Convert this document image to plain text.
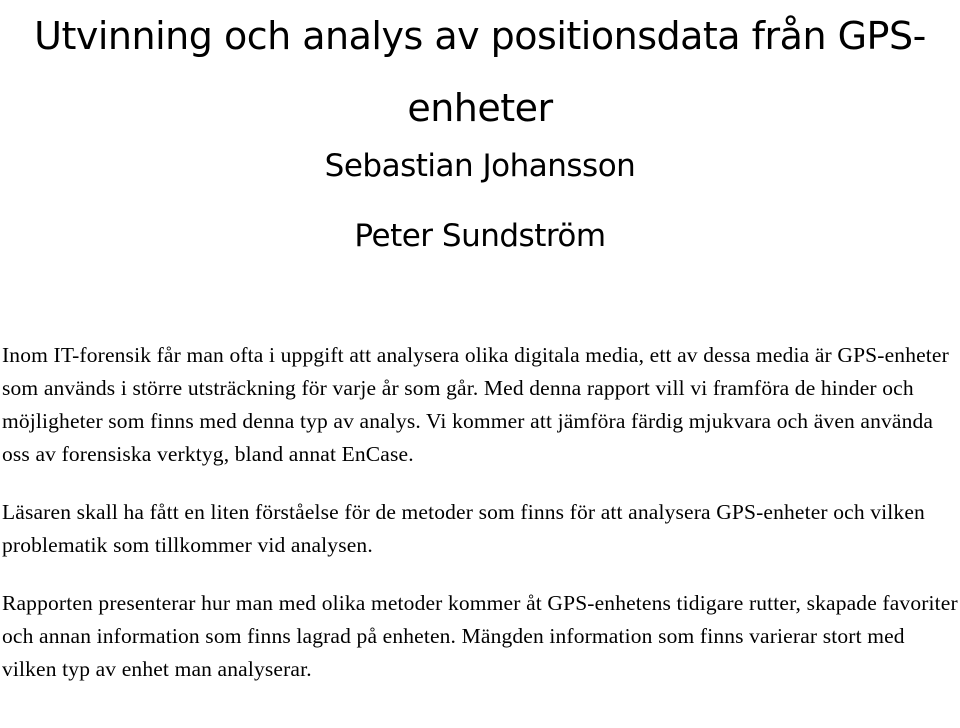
Utvinning och analys av positionsdata från GPS-enheter
Sebastian Johansson
Peter Sundström

Inom IT-forensik får man ofta i uppgift att analysera olika digitala media, ett av dessa media är GPS-enheter som används i större utsträckning för varje år som går. Med denna rapport vill vi framföra de hinder och möjligheter som finns med denna typ av analys. Vi kommer att jämföra färdig mjukvara och även använda oss av forensiska verktyg, bland annat EnCase.

Läsaren skall ha fått en liten förståelse för de metoder som finns för att analysera GPS-enheter och vilken problematik som tillkommer vid analysen.

Rapporten presenterar hur man med olika metoder kommer åt GPS-enhetens tidigare rutter, skapade favoriter och annan information som finns lagrad på enheten. Mängden information som finns varierar stort med vilken typ av enhet man analyserar.
